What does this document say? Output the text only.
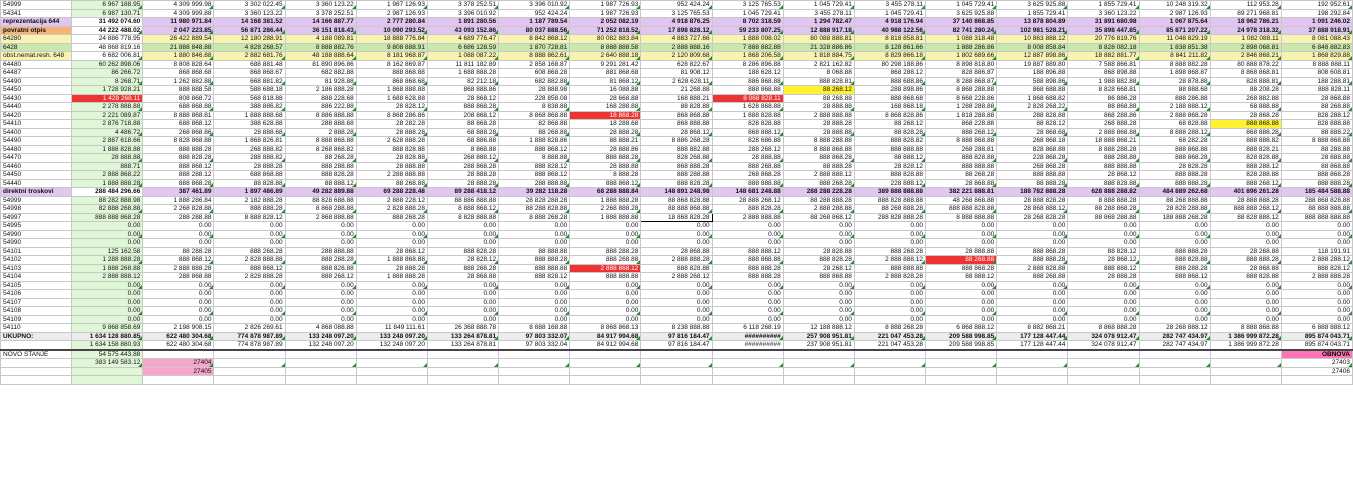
54999	6 967 188.95	4 309 999.98	3 302 022.45	3 360 123.22	1 987 126.93	3 378 252.51	3 396 010.92	1 987 726.93	952 424.24	3 125 765.53	1 045 729.41	3 455 278.11	1 045 729.41	3 625 925.88	1 855 729.41	10 248 319.32	112 953.28	192 952.61
54341	6 987 130.71	4 309 999.88	3 360 123.22	3 378 252.51	2 987 126.93	3 396 010.92	952 424.24	1 987 726.93	3 125 765.53	1 045 729.41	3 455 278.11	1 045 729.41	3 625 925.88	1 855 729.41	3 360 123.22	2 987 126.93	89 271 968.81	198 292.84
reprezentacija 644	31 492 074.60	11 980 971.84	14 168 381.52	14 166 887.77	2 777 280.84	1 891 280.56	1 187 789.54	2 052 082.19	4 918 876.25	8 702 318.59	1 294 782.47	4 918 176.94	37 140 868.85	13 878 804.89	31 891 680.98	1 067 875.64	18 962 786.21	1 091 246.02
povratni otpis	44 222 488.02	2 047 223.85	56 871 286.44	36 151 818.43	10 090 293.52	43 093 152.86	80 037 888.56	71 252 818.52	17 898 828.12	59 233 807.25	12 888 917.18	40 988 122.56	82 741 280.24	102 981 528.21	35 898 447.85	85 871 207.22	24 978 318.32	37 888 918.91
64280	24 886 778.95	26 422 889.54	12 180 288.91	4 188 089.81	18 888 776.84	4 689 776.47	8 842 868.12	80 082 883.84	4 883 727.66	1 888 098.02	80 088 888.81	8 818 858.81	1 088 318.48	10 863 888.12	20 776 819.76	11 048 829.19	1 082 088.11	8 081 088.43
6428	48 868 819.16	21 888 848.88	4 828 268.57	8 888 882.76	9 808 888.91	6 686 128.59	1 870 728.81	8 888 888.58	2 888 888.16	7 888 882.88	21 328 886.86	8 128 861.66	1 888 286.86	8 008 858.84	8 828 082.18	1 838 851.38	2 898 068.81	6 848 882.83
obst.nemat.resh. 648	6 682 006.81	1 880 846.88	2 882 681.76	48 188 888.64	8 181 968.87	1 088 087.22	8 888 862.61	2 640 888.18	2 120 809.68	1 868 206.58	1 818 884.75	8 829 866.18	1 802 689.66	12 887 898.86	18 882 881.77	8 841 211.82	2 846 868.21	1 868 829.88
64480	60 262 898.06	8 808 828.64	688 881.48	81 890 896.86	8 162 869.87	11 811 182.89	2 858 168.87	9 291 281.42	628 822.67	8 286 896.88	2 821 162.82	80 298 188.86	8 898 818.80	19 887 889.80	7 588 866.81	8 888 882.28	80 888 878.22	8 888 888.11
64487	86 266.72	868 868.68	868 868.67	682 882.88	888 868.88	1 688 888.28	608 868.28	881 868.68	81 908.12	188 628.12	8 068.88	868 288.12	828 886.87	188 896.88	868 898.88	1 898 868.87	8 868 868.81	808 608.81
54490	8 268.71	1 262 882.88	668 881.82	81 928.88	868 868.68	82 212.18	682 882.88	81 868.12	2 628 628.11	886 868.88	888 828.81	888 688.86	8 288 868.87	588 898.86	1 988 882.88	28 878.88	828 888.81	188 288.81
54450	1 728 928.21	888 888.58	588 688.18	2 186 888.28	1 868 888.88	868 888.86	28 888.98	16 088.88	21 268.88	888 868.88	88 268.12	288 898.86	8 868 288.88	868 688.88	8 828 668.81	88 888.68	88 208.28	888 828.11
54430	1 428 268.11	808 868.72	568 818.88	888 228.68	1 688 628.88	28 868.12	228 858.08	28 668.88	168 888.21	8 068 828.11	88 268.88	888 868.68	8 668 228.86	1 868 688.82	86 886.28	888 286.88	268 882.88	28 868.88
54440	2 278 888.88	688 868.88	388 886.82	886 222.88	28 828.12	888 868.28	8 838.88	168 288.88	88 828.88	1 628 868.88	28 888.88	168 868.18	1 288 288.88	2 828 268.22	88 868.88	2 188 888.12	68 888.88	88 268.88
54420	2 221 089.87	8 888 868.81	1 888 888.68	8 886 888.88	8 868 286.86	208 868.12	8 868 868.88	18 868.28	868 868.88	1 888 828.88	2 888 888.88	8 868 828.86	1 818 288.88	288 828.88	868 288.86	2 888 868.28	28 868.28	828 288.12
54410	2 876 718.88	688 868.12	388 628.88	288 888.68	28 282.28	88 868.28	82 868.88	18 288.68	868 888.88	828 828.88	28 888.28	88 268.12	868 228.88	88 828.12	268 888.28	68 828.88	888 868.88	828 888.88
54400	4 486.72	268 868.86	28 888.68	2 888.28	28 888.28	68 888.28	88 268.88	28 888.28	28 868.12	868 888.12	28 888.88	88 828.28	888 268.12	28 868.68	2 888 868.88	8 888 288.12	868 888.28	88 888.22
54490	2 887 618.66	8 828 868.88	1 868 826.81	8 888 868.88	2 628 888.28	68 886.88	1 888 828.86	88 888.21	8 886 268.28	828 686.88	8 888 288.88	888 828.82	8 888 868.88	268 868.18	18 888 868.21	68 282.28	888 888.82	8 888 868.88
54480	1 888 828.88	888 888.28	268 888.82	8 268 868.82	888 828.88	8 868.88	888 868.12	28 888.86	888 882.88	288 268.12	8 888 868.88	888 888.88	268 288.81	828 868.88	8 888 288.28	888 868.88	888 828.21	88 288.88
54470	28 888.88	888 828.28	288 888.82	88 268.28	28 828.88	268 888.12	8 888.88	888 888.28	828 268.88	28 888.88	888 868.28	88 888.12	888 828.88	228 868.28	888 288.88	888 868.28	828 828.88	28 888.88
54460	888.71	888 868.12	28 888.28	888 288.88	28 888.88	288 868.28	888 828.12	28 888.88	868 888.28	888 268.88	88 888.28	28 828.12	888 888.88	268 868.28	888 888.88	28 828.28	888 288.12	88 868.88
54450	2 888 868.22	888 288.12	688 868.88	888 828.28	2 288 888.88	28 888.28	888 868.12	8 888.28	888 288.88	268 868.28	2 888 888.12	888 828.88	88 268.28	888 888.88	28 868.12	888 888.28	828 288.88	888 868.28
54440	1 888 888.28	888 868.28	88 828.88	88 888.12	88 268.88	28 888.28	288 888.88	888 868.12	888 828.28	888 888.88	888 268.28	228 888.12	28 868.88	88 888.28	888 828.88	888 888.28	888 268.12	888 888.28
direktni troskovi	288 484 296.66	387 461.89	1 897 486.89	49 282 889.88	69 288 228.48	89 288 418.12	39 282 118.28	68 288 888.84	148 891 248.98	148 681 248.88	288 288 228.28	389 888 888.88	382 221 888.81	188 782 888.28	628 888 288.82	484 889 262.68	401 896 261.28	185 484 588.88
54999	88 282 888.98	1 888 286.84	2 182 888.28	88 828 688.88	2 888 228.12	88 886 888.88	28 828 288.28	1 888 888.28	88 868 828.88	28 888 268.12	88 288 888.28	888 828 888.88	48 268 868.88	28 888 828.28	8 888 888.28	88 268 888.88	28 888 888.28	288 868 828.88
54998	82 888 268.88	2 268 828.88	888 888.28	8 868 288.88	2 828 888.28	8 888 868.12	88 288 828.88	2 268 888.28	88 888 868.88	888 828.28	2 888 288.88	88 268 888.28	888 888 828.88	28 868 888.12	88 288 868.28	28 828 288.88	888 888 268.12	88 888 888.88
54997	888 888 868.28	288 288.88	8 888 828.12	2 868 888.88	888 268.28	8 828 888.88	8 888 268.28	1 888 888.88	18 868 828.28	2 888 888.88	88 268 868.12	288 828 888.28	8 888 888.88	28 268 828.28	88 868 288.88	188 888 268.28	88 828 888.12	888 888 888.88
54995	0.00	0.00	0.00	0.00	0.00	0.00	0.00	0.00	0.00	0.00	0.00	0.00	0.00	0.00	0.00	0.00	0.00	0.00
54990	0.00	0.00	0.00	0.00	0.00	0.00	0.00	0.00	0.00	0.00	0.00	0.00	0.00	0.00	0.00	0.00	0.00	0.00
54990	0.00	0.00	0.00	0.00	0.00	0.00	0.00	0.00	0.00	0.00	0.00	0.00	0.00	0.00	0.00	0.00	0.00	0.00
54101	125 162.58	88 288.28	888 268.28	288 888.88	28 868.12	888 828.28	88 888.88	888 288.28	28 868.88	888 888.12	28 828.88	888 268.28	28 888.88	888 868.28	88 828.12	888 888.28	28 268.88	118 191.91
54102	1 288 888.28	888 868.12	2 828 888.88	888 288.28	1 888 868.88	28 828.12	888 888.28	888 268.88	2 888 888.28	888 868.88	888 828.28	2 888 888.12	88 268.88	888 888.28	28 868.12	888 828.88	888 888.28	2 888 288.12
54103	1 888 268.88	2 888 888.28	888 868.12	888 828.88	28 888.28	888 268.28	888 888.88	2 888 868.12	888 828.88	888 888.28	28 268.12	888 888.88	888 868.28	2 888 828.88	888 888.12	888 288.28	28 868.88	888 828.12
54104	2 888 888.12	288 868.88	2 828 888.28	888 268.12	1 888 888.28	28 868.88	888 828.12	888 888.88	2 888 268.12	888 888.28	888 868.88	2 888 828.28	88 888.12	888 268.88	28 888.28	888 868.12	888 828.88	2 888 888.28
54105	0.00	0.00	0.00	0.00	0.00	0.00	0.00	0.00	0.00	0.00	0.00	0.00	0.00	0.00	0.00	0.00	0.00	0.00
54106	0.00	0.00	0.00	0.00	0.00	0.00	0.00	0.00	0.00	0.00	0.00	0.00	0.00	0.00	0.00	0.00	0.00	0.00
54107	0.00	0.00	0.00	0.00	0.00	0.00	0.00	0.00	0.00	0.00	0.00	0.00	0.00	0.00	0.00	0.00	0.00	0.00
54108	0.00	0.00	0.00	0.00	0.00	0.00	0.00	0.00	0.00	0.00	0.00	0.00	0.00	0.00	0.00	0.00	0.00	0.00
54109	0.00	0.00	0.00	0.00	0.00	0.00	0.00	0.00	0.00	0.00	0.00	0.00	0.00	0.00	0.00	0.00	0.00	0.00
54110	9 868 858.69	2 198 908.15	2 826 269.61	4 868 088.88	11 849 111.61	26 368 888.78	8 888 168.88	8 868 868.13	8 238 888.88	6 118 268.19	12 188 888.12	8 888 268.28	6 868 888.12	8 882 868.21	8 868 888.28	28 268 888.12	8 888 868.88	6 888 888.12
UKUPNO:	1 634 128 880.85	622 480 304.68	774 878 987.89	133 248 097.20	133 248 097.20	133 264 878.81	97 803 332.07	84 917 994.68	97 816 184.47	##########	257 908 951.81	221 047 453.28	209 588 998.85	177 128 447.44	324 078 912.47	282 747 434.97	1 386 999 872.28	895 874 043.71
	1 634 158 880.93	622 480 304.68	774 878 987.89	132 248 097.20	132 248 097.20	133 264 878.81	97 803 332.04	84 912 994.68	97 816 184.47	##########	237 908 951.81	221 047 453.28	209 588 998.85	177 128 447.44	324 078 912.47	282 747 434.97	1 386 999 872.28	895 874 043.71
NOVO STANJE	54 575 443.88																	OBNOVA
	383 149 583.12	27404																27403
		27405																27406
